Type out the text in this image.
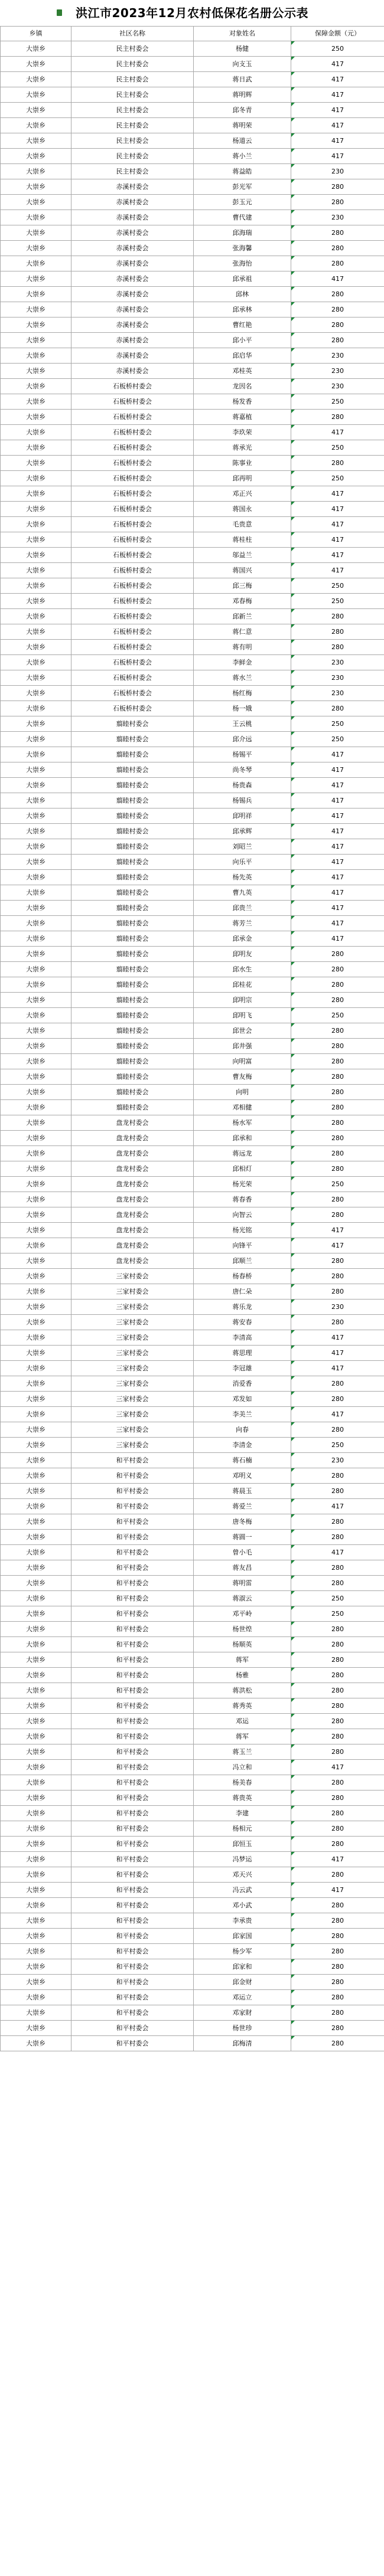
洪江市2023年12月农村低保花名册公示表
乡镇	社区名称	对象姓名	保障金额（元）
大崇乡	民主村委会	杨健	250
大崇乡	民主村委会	向支玉	417
大崇乡	民主村委会	蒋日武	417
大崇乡	民主村委会	蒋明辉	417
大崇乡	民主村委会	邱冬青	417
大崇乡	民主村委会	蒋明荣	417
大崇乡	民主村委会	杨道云	417
大崇乡	民主村委会	蒋小兰	417
大崇乡	民主村委会	蒋益皓	230
大崇乡	赤溪村委会	彭光军	280
大崇乡	赤溪村委会	彭玉元	280
大崇乡	赤溪村委会	曹代建	230
大崇乡	赤溪村委会	邱海瑞	280
大崇乡	赤溪村委会	张海馨	280
大崇乡	赤溪村委会	张海怡	280
大崇乡	赤溪村委会	邱承祖	417
大崇乡	赤溪村委会	邱林	280
大崇乡	赤溪村委会	邱承林	280
大崇乡	赤溪村委会	曹红艳	280
大崇乡	赤溪村委会	邱小平	280
大崇乡	赤溪村委会	邱启华	230
大崇乡	赤溪村委会	邓桂英	230
大崇乡	石板桥村委会	龙因名	230
大崇乡	石板桥村委会	杨发香	250
大崇乡	石板桥村委会	蒋嘉植	280
大崇乡	石板桥村委会	李玖荣	417
大崇乡	石板桥村委会	蒋承光	250
大崇乡	石板桥村委会	陈事业	280
大崇乡	石板桥村委会	邱再明	250
大崇乡	石板桥村委会	邓正兴	417
大崇乡	石板桥村委会	蒋国永	417
大崇乡	石板桥村委会	毛贵意	417
大崇乡	石板桥村委会	蒋桂柱	417
大崇乡	石板桥村委会	邬益兰	417
大崇乡	石板桥村委会	蒋国兴	417
大崇乡	石板桥村委会	邱三梅	250
大崇乡	石板桥村委会	邓春梅	250
大崇乡	石板桥村委会	邱新兰	280
大崇乡	石板桥村委会	蒋仁意	280
大崇乡	石板桥村委会	蒋有明	280
大崇乡	石板桥村委会	李鲜金	230
大崇乡	石板桥村委会	蒋水兰	230
大崇乡	石板桥村委会	杨红梅	230
大崇乡	石板桥村委会	杨一娥	280
大崇乡	翦睦村委会	王云桃	250
大崇乡	翦睦村委会	邱介远	250
大崇乡	翦睦村委会	杨锡平	417
大崇乡	翦睦村委会	尚冬琴	417
大崇乡	翦睦村委会	杨贵森	417
大崇乡	翦睦村委会	杨锡兵	417
大崇乡	翦睦村委会	邱明祥	417
大崇乡	翦睦村委会	邱承辉	417
大崇乡	翦睦村委会	刘昭兰	417
大崇乡	翦睦村委会	向乐平	417
大崇乡	翦睦村委会	杨先英	417
大崇乡	翦睦村委会	曹九英	417
大崇乡	翦睦村委会	邱贵兰	417
大崇乡	翦睦村委会	蒋芳兰	417
大崇乡	翦睦村委会	邱承金	417
大崇乡	翦睦村委会	邱明友	280
大崇乡	翦睦村委会	邱水生	280
大崇乡	翦睦村委会	邱桂花	280
大崇乡	翦睦村委会	邱明宗	280
大崇乡	翦睦村委会	邱明飞	250
大崇乡	翦睦村委会	邱世会	280
大崇乡	翦睦村委会	邱井强	280
大崇乡	翦睦村委会	向明富	280
大崇乡	翦睦村委会	曹友梅	280
大崇乡	翦睦村委会	向明	280
大崇乡	翦睦村委会	邓相健	280
大崇乡	盘龙村委会	杨水军	280
大崇乡	盘龙村委会	邱承和	280
大崇乡	盘龙村委会	蒋远龙	280
大崇乡	盘龙村委会	邱相灯	280
大崇乡	盘龙村委会	杨光荣	250
大崇乡	盘龙村委会	蒋春香	280
大崇乡	盘龙村委会	向智云	280
大崇乡	盘龙村委会	杨光铭	417
大崇乡	盘龙村委会	向锋平	417
大崇乡	盘龙村委会	邱顺兰	280
大崇乡	三家村委会	杨春桥	280
大崇乡	三家村委会	唐仁朵	280
大崇乡	三家村委会	蒋乐龙	230
大崇乡	三家村委会	蒋安春	280
大崇乡	三家村委会	李清高	417
大崇乡	三家村委会	蒋思理	417
大崇乡	三家村委会	李冠雄	417
大崇乡	三家村委会	消爱香	280
大崇乡	三家村委会	邓发如	280
大崇乡	三家村委会	李美兰	417
大崇乡	三家村委会	向春	280
大崇乡	三家村委会	李清金	250
大崇乡	和平村委会	蒋石楠	230
大崇乡	和平村委会	邓明义	280
大崇乡	和平村委会	蒋晨玉	280
大崇乡	和平村委会	蒋爱兰	417
大崇乡	和平村委会	唐冬梅	280
大崇乡	和平村委会	蒋圆一	280
大崇乡	和平村委会	曾小毛	417
大崇乡	和平村委会	蒋友昌	280
大崇乡	和平村委会	蒋明雷	280
大崇乡	和平村委会	蒋淑云	250
大崇乡	和平村委会	邓平岭	250
大崇乡	和平村委会	杨世煌	280
大崇乡	和平村委会	杨顺英	280
大崇乡	和平村委会	蒋军	280
大崇乡	和平村委会	杨雅	280
大崇乡	和平村委会	蒋洪松	280
大崇乡	和平村委会	蒋秀英	280
大崇乡	和平村委会	邓运	280
大崇乡	和平村委会	蒋军	280
大崇乡	和平村委会	蒋玉兰	280
大崇乡	和平村委会	冯立和	417
大崇乡	和平村委会	杨美春	280
大崇乡	和平村委会	蒋贵英	280
大崇乡	和平村委会	李建	280
大崇乡	和平村委会	杨相元	280
大崇乡	和平村委会	邱恒玉	280
大崇乡	和平村委会	冯梦运	417
大崇乡	和平村委会	邓天兴	280
大崇乡	和平村委会	冯云武	417
大崇乡	和平村委会	邓小武	280
大崇乡	和平村委会	李承贵	280
大崇乡	和平村委会	邱家国	280
大崇乡	和平村委会	杨少军	280
大崇乡	和平村委会	邱家和	280
大崇乡	和平村委会	邱金财	280
大崇乡	和平村委会	邓运立	280
大崇乡	和平村委会	邓家財	280
大崇乡	和平村委会	杨世珍	280
大崇乡	和平村委会	邱梅清	280
